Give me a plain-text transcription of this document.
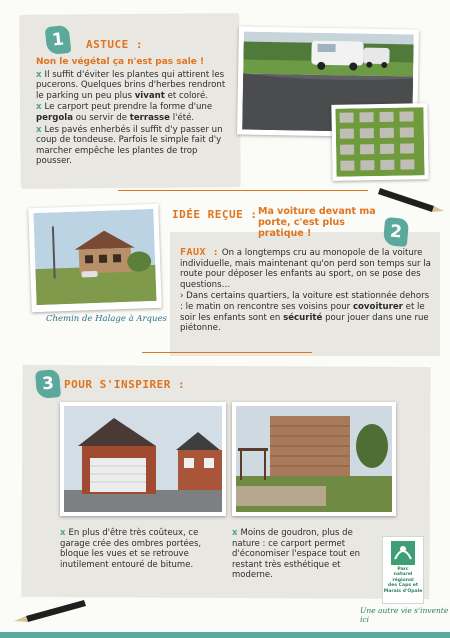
1	ASTUCE :
Non le végétal ça n'est pas sale !

x Il suffit d'éviter les plantes qui attirent les pucerons. Quelques brins d'herbes rendront le parking un peu plus vivant et coloré.

x Le carport peut prendre la forme d'une pergola ou servir de terrasse l'été.

x Les pavés enherbés il suffit d'y passer un coup de tondeuse. Parfois le simple fait d'y marcher empêche les plantes de trop pousser.

Chemin de Halage à Arques
IDÉE REÇUE : Ma voiture devant ma porte, c'est plus pratique !	2

FAUX : On a longtemps cru au monopole de la voiture individuelle, mais maintenant qu'on perd son temps sur la route pour déposer les enfants au sport, on se pose des questions…

› Dans certains quartiers, la voiture est stationnée dehors : le matin on rencontre ses voisins pour covoiturer et le soir les enfants sont en sécurité pour jouer dans une rue piétonne.

3 POUR S'INSPIRER :
x En plus d'être très coûteux, ce garage crée des ombres portées, bloque les vues et se retrouve inutilement entouré de bitume.
x Moins de goudron, plus de nature : ce carport permet d'économiser l'espace tout en restant très esthétique et moderne.
Parc
naturel
régional
des Caps et
Marais d'Opale
Une autre vie s'invente ici
